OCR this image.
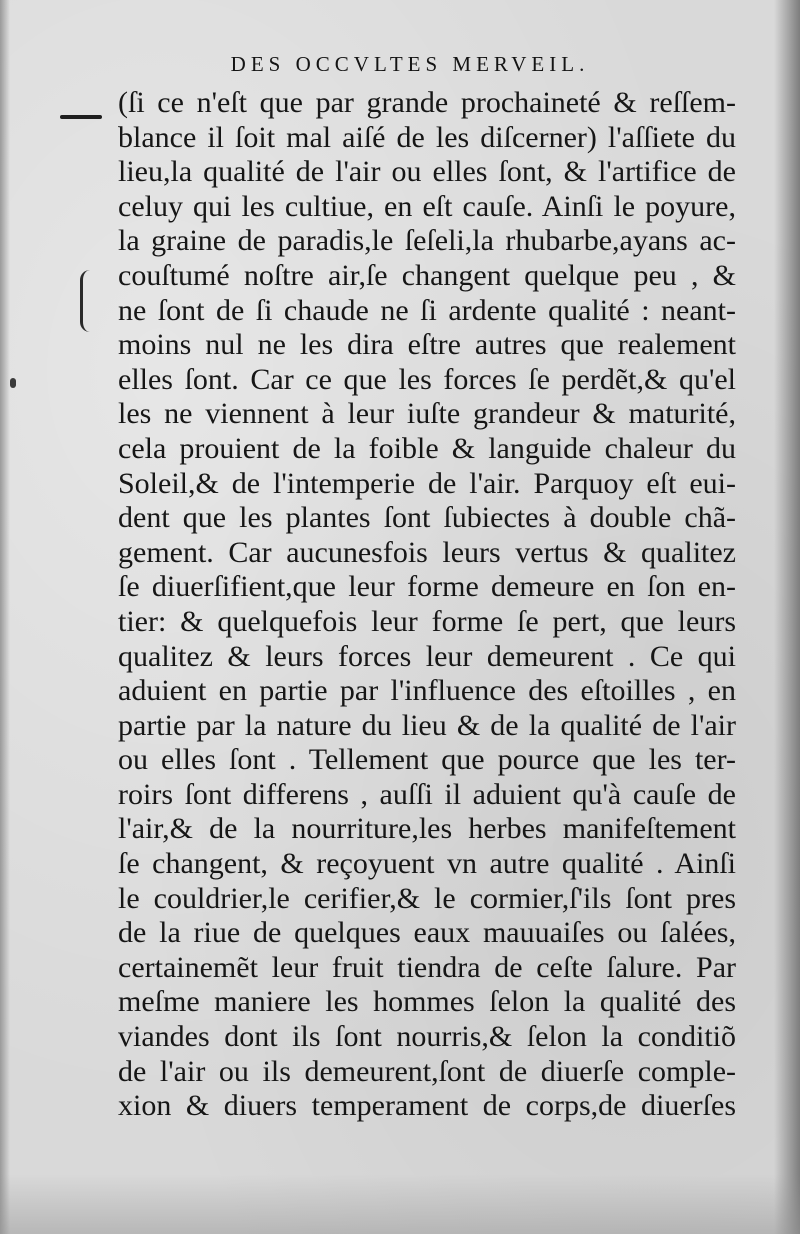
DES OCCVLTES MERVEIL.
(ſi ce n'eſt que par grande prochaineté & reſſem-
blance il ſoit mal aiſé de les diſcerner) l'aſſiete du
lieu,la qualité de l'air ou elles ſont, & l'artifice de
celuy qui les cultiue, en eſt cauſe. Ainſi le poyure,
la graine de paradis,le ſeſeli,la rhubarbe,ayans ac-
couſtumé noſtre air,ſe changent quelque peu , &
ne ſont de ſi chaude ne ſi ardente qualité : neant-
moins nul ne les dira eſtre autres que realement
elles ſont. Car ce que les forces ſe perdẽt,& qu'el
les ne viennent à leur iuſte grandeur & maturité,
cela prouient de la foible & languide chaleur du
Soleil,& de l'intemperie de l'air. Parquoy eſt eui-
dent que les plantes ſont ſubiectes à double chã-
gement. Car aucunesfois leurs vertus & qualitez
ſe diuerſifient,que leur forme demeure en ſon en-
tier: & quelquefois leur forme ſe pert, que leurs
qualitez & leurs forces leur demeurent . Ce qui
aduient en partie par l'influence des eſtoilles , en
partie par la nature du lieu & de la qualité de l'air
ou elles ſont . Tellement que pource que les ter-
roirs ſont differens , auſſi il aduient qu'à cauſe de
l'air,& de la nourriture,les herbes manifeſtement
ſe changent, & reçoyuent vn autre qualité . Ainſi
le couldrier,le cerifier,& le cormier,ſ'ils ſont pres
de la riue de quelques eaux mauuaiſes ou ſalées,
certainemẽt leur fruit tiendra de ceſte ſalure. Par
meſme maniere les hommes ſelon la qualité des
viandes dont ils ſont nourris,& ſelon la conditiõ
de l'air ou ils demeurent,ſont de diuerſe comple-
xion & diuers temperament de corps,de diuerſes
